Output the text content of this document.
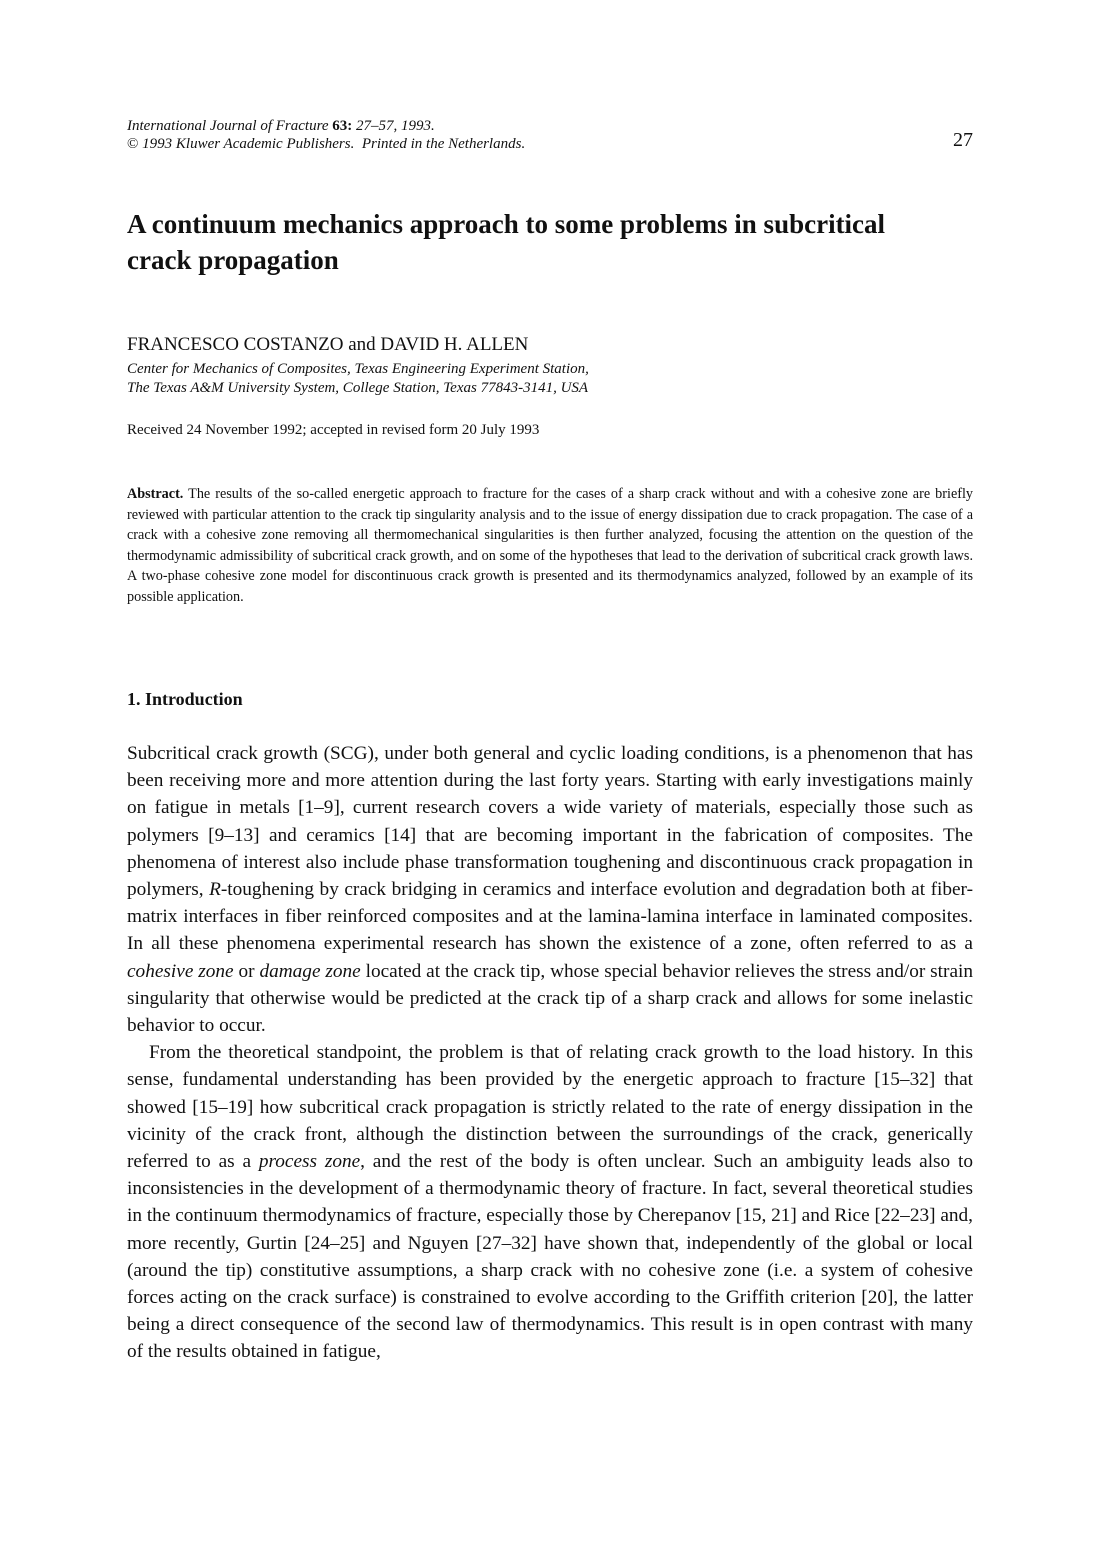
International Journal of Fracture 63: 27–57, 1993.
© 1993 Kluwer Academic Publishers. Printed in the Netherlands.	27
A continuum mechanics approach to some problems in subcritical
crack propagation
FRANCESCO COSTANZO and DAVID H. ALLEN
Center for Mechanics of Composites, Texas Engineering Experiment Station,
The Texas A&M University System, College Station, Texas 77843-3141, USA
Received 24 November 1992; accepted in revised form 20 July 1993

Abstract. The results of the so-called energetic approach to fracture for the cases of a sharp crack without and with a cohesive zone are briefly reviewed with particular attention to the crack tip singularity analysis and to the issue of energy dissipation due to crack propagation. The case of a crack with a cohesive zone removing all thermomechanical singularities is then further analyzed, focusing the attention on the question of the thermodynamic admissibility of subcritical crack growth, and on some of the hypotheses that lead to the derivation of subcritical crack growth laws. A two-phase cohesive zone model for discontinuous crack growth is presented and its thermodynamics analyzed, followed by an example of its possible application.

1. Introduction

Subcritical crack growth (SCG), under both general and cyclic loading conditions, is a phenomenon that has been receiving more and more attention during the last forty years. Starting with early investigations mainly on fatigue in metals [1–9], current research covers a wide variety of materials, especially those such as polymers [9–13] and ceramics [14] that are becoming important in the fabrication of composites. The phenomena of interest also include phase transformation toughening and discontinuous crack propagation in polymers, R-toughening by crack bridging in ceramics and interface evolution and degradation both at fiber-matrix interfaces in fiber reinforced composites and at the lamina-lamina interface in laminated composites. In all these phenomena experimental research has shown the existence of a zone, often referred to as a cohesive zone or damage zone located at the crack tip, whose special behavior relieves the stress and/or strain singularity that otherwise would be predicted at the crack tip of a sharp crack and allows for some inelastic behavior to occur.

From the theoretical standpoint, the problem is that of relating crack growth to the load history. In this sense, fundamental understanding has been provided by the energetic approach to fracture [15–32] that showed [15–19] how subcritical crack propagation is strictly related to the rate of energy dissipation in the vicinity of the crack front, although the distinction between the surroundings of the crack, generically referred to as a process zone, and the rest of the body is often unclear. Such an ambiguity leads also to inconsistencies in the development of a thermodynamic theory of fracture. In fact, several theoretical studies in the continuum thermodynamics of fracture, especially those by Cherepanov [15, 21] and Rice [22–23] and, more recently, Gurtin [24–25] and Nguyen [27–32] have shown that, independently of the global or local (around the tip) constitutive assumptions, a sharp crack with no cohesive zone (i.e. a system of cohesive forces acting on the crack surface) is constrained to evolve according to the Griffith criterion [20], the latter being a direct consequence of the second law of thermodynamics. This result is in open contrast with many of the results obtained in fatigue,
